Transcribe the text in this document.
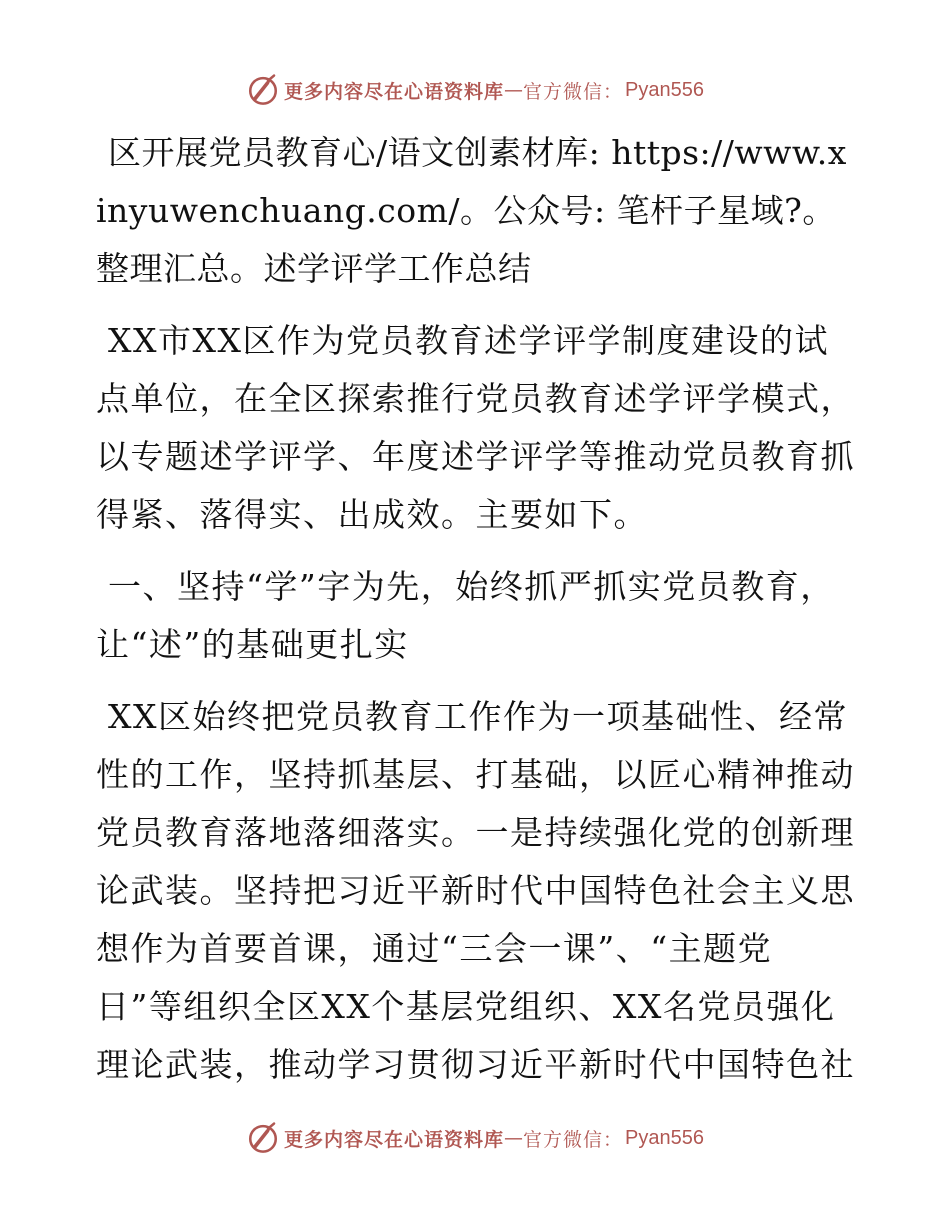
更多内容尽在心语资料库 — 官方微信： Pyan556

区开展党员教育心/语文创素材库: https://www.xinyuwenchuang.com/。公众号: 笔杆子星域?。整理汇总。述学评学工作总结

XX市XX区作为党员教育述学评学制度建设的试点单位，在全区探索推行党员教育述学评学模式，以专题述学评学、年度述学评学等推动党员教育抓得紧、落得实、出成效。主要如下。

一、坚持“学”字为先，始终抓严抓实党员教育，让“述”的基础更扎实

XX区始终把党员教育工作作为一项基础性、经常性的工作，坚持抓基层、打基础，以匠心精神推动党员教育落地落细落实。一是持续强化党的创新理论武装。坚持把习近平新时代中国特色社会主义思想作为首要首课，通过“三会一课”、“主题党日”等组织全区XX个基层党组织、XX名党员强化理论武装，推动学习贯彻习近平新时代中国特色社

更多内容尽在心语资料库 — 官方微信： Pyan556
